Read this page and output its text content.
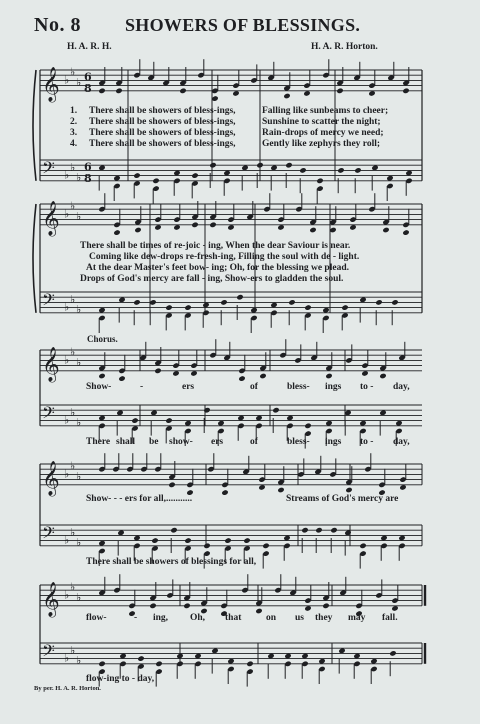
No. 8 SHOWERS OF BLESSINGS.
H. A. R. H.	H. A. R. Horton.
𝄞 ♭
♭
♭ 6
8
𝄢 ♭
♭
♭
6
8
𝄞 ♭
♭
♭
𝄢 ♭
♭
♭
𝄞 ♭
♭
♭
𝄢 ♭
♭
♭
𝄞 ♭
♭
♭
𝄢 ♭
♭
♭
𝄞 ♭
♭
♭
𝄢 ♭
♭
♭
1. There shall be showers of bless-ings,	Falling like sunbeams to cheer;
2. There shall be showers of bless-ings,	Sunshine to scatter the night;
3. There shall be showers of bless-ings,	Rain-drops of mercy we need;
4. There shall be showers of bless-ings,	Gently like zephyrs they roll;
There shall be times of re-joic - ing, When the dear Saviour is near.
Coming like dew-drops re-fresh-ing, Filling the soul with de - light.
At the dear Master's feet bow- ing; Oh, for the blessing we plead.
Drops of God's mercy are fall - ing, Show-ers to gladden the soul.
Chorus.
Show-	-	ers	of	bless- ings to - day,
There shall be show- ers	of	bless- ings to - day,
Show- - - ers for all,...........	Streams of God's mercy are
There shall be showers of blessings for all,
flow-	- ing, Oh, that	on us they may fall.
flow-ing to - day,
By per. H. A. R. Horton.
